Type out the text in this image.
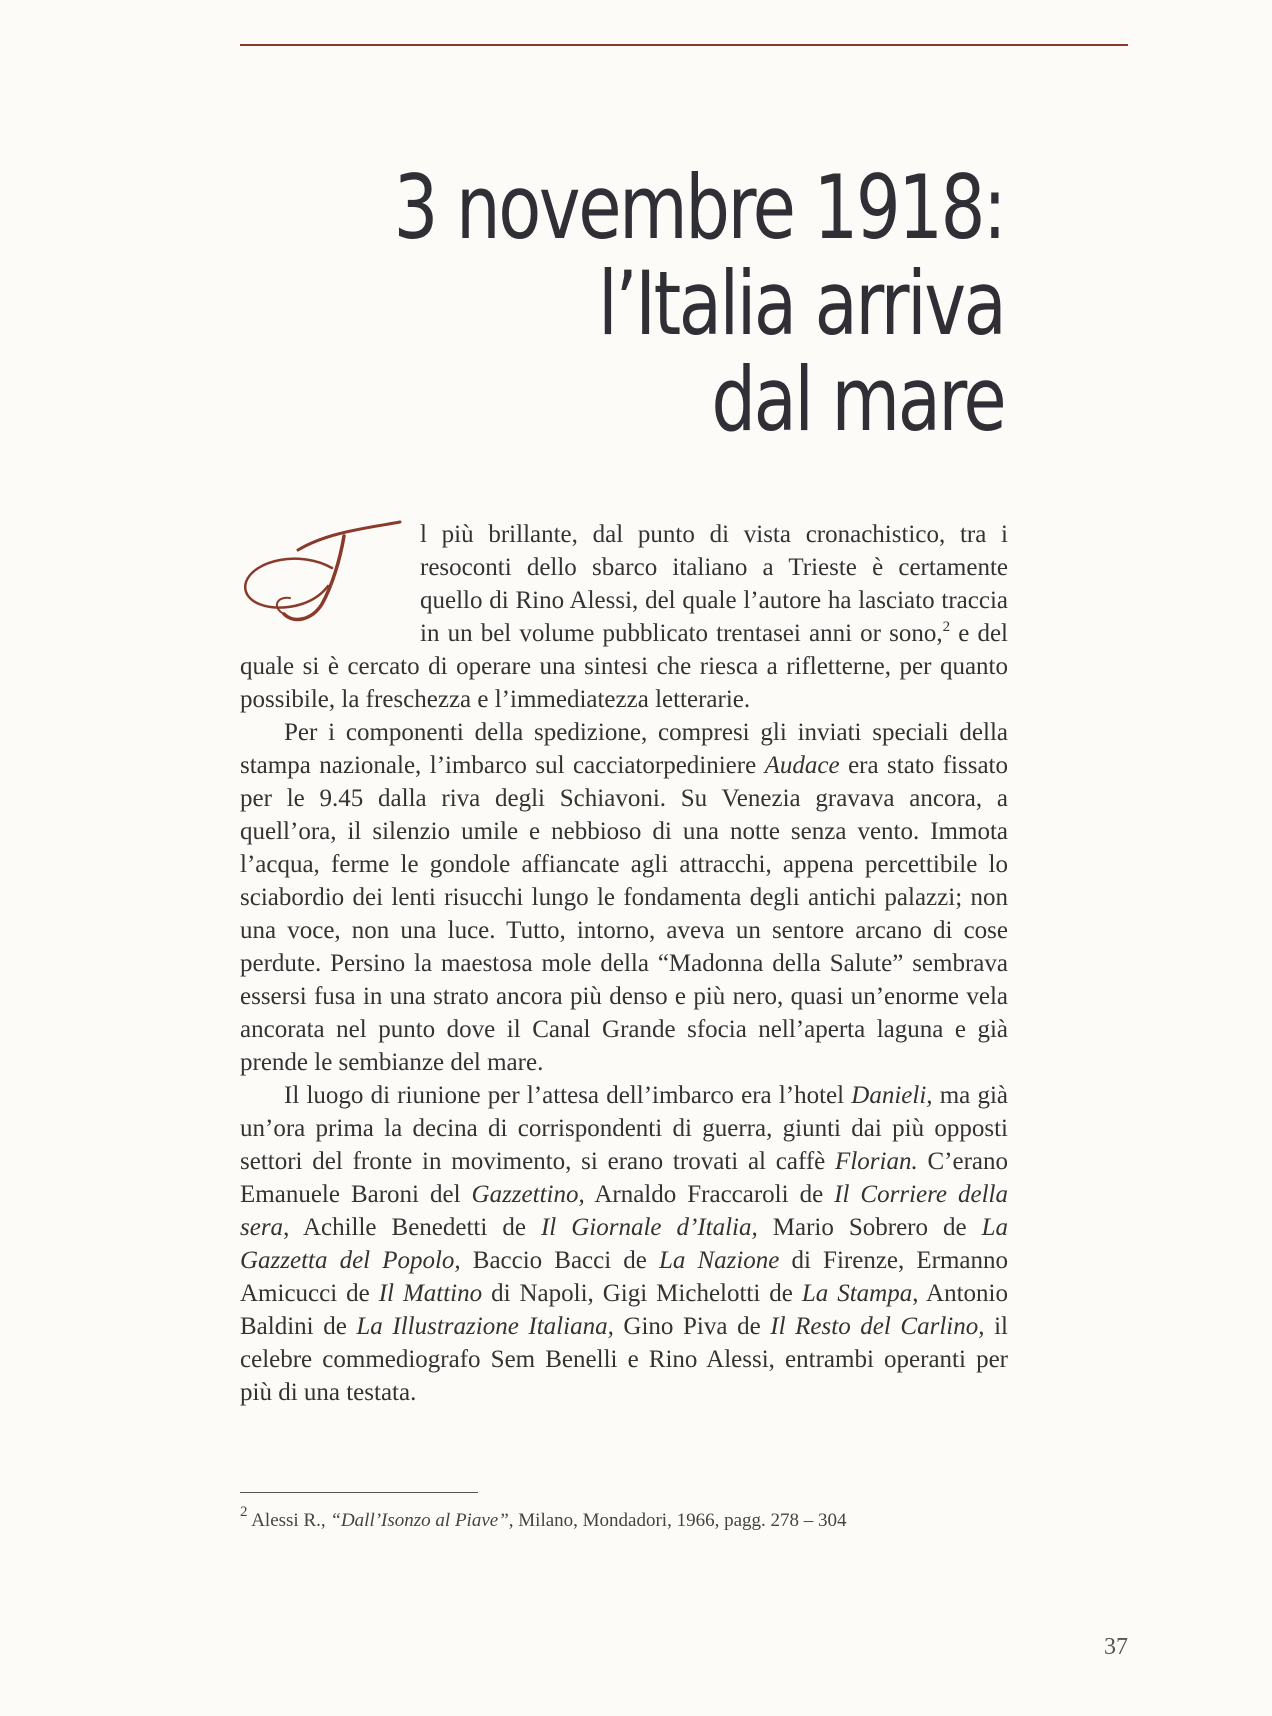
3 novembre 1918:
l’Italia arriva
dal mare

l più brillante, dal punto di vista cronachistico, tra i resoconti dello sbarco italiano a Trieste è certamente quello di Rino Alessi, del quale l’autore ha lasciato traccia in un bel volume pubblicato trentasei anni or sono,$^2$ e del quale si è cercato di operare una sintesi che riesca a rifletterne, per quanto possibile, la freschezza e l’immediatezza letterarie.

Per i componenti della spedizione, compresi gli inviati speciali della stampa nazionale, l’imbarco sul cacciatorpediniere Audace era stato fissato per le 9.45 dalla riva degli Schiavoni. Su Venezia gravava ancora, a quell’ora, il silenzio umile e nebbioso di una notte senza vento. Immota l’acqua, ferme le gondole affiancate agli attracchi, appena percettibile lo sciabordio dei lenti risucchi lungo le fondamenta degli antichi palazzi; non una voce, non una luce. Tutto, intorno, aveva un sentore arcano di cose perdute. Persino la maestosa mole della “Madonna della Salute” sembrava essersi fusa in una strato ancora più denso e più nero, quasi un’enorme vela ancorata nel punto dove il Canal Grande sfocia nell’aperta laguna e già prende le sembianze del mare.

Il luogo di riunione per l’attesa dell’imbarco era l’hotel Danieli, ma già un’ora prima la decina di corrispondenti di guerra, giunti dai più opposti settori del fronte in movimento, si erano trovati al caffè Florian. C’erano Emanuele Baroni del Gazzettino, Arnaldo Fraccaroli de Il Corriere della sera, Achille Benedetti de Il Giornale d’Italia, Mario Sobrero de La Gazzetta del Popolo, Baccio Bacci de La Nazione di Firenze, Ermanno Amicucci de Il Mattino di Napoli, Gigi Michelotti de La Stampa, Antonio Baldini de La Illustrazione Italiana, Gino Piva de Il Resto del Carlino, il celebre commediografo Sem Benelli e Rino Alessi, entrambi operanti per più di una testata.

$^2$ Alessi R., “Dall’Isonzo al Piave”, Milano, Mondadori, 1966, pagg. 278 – 304
37
